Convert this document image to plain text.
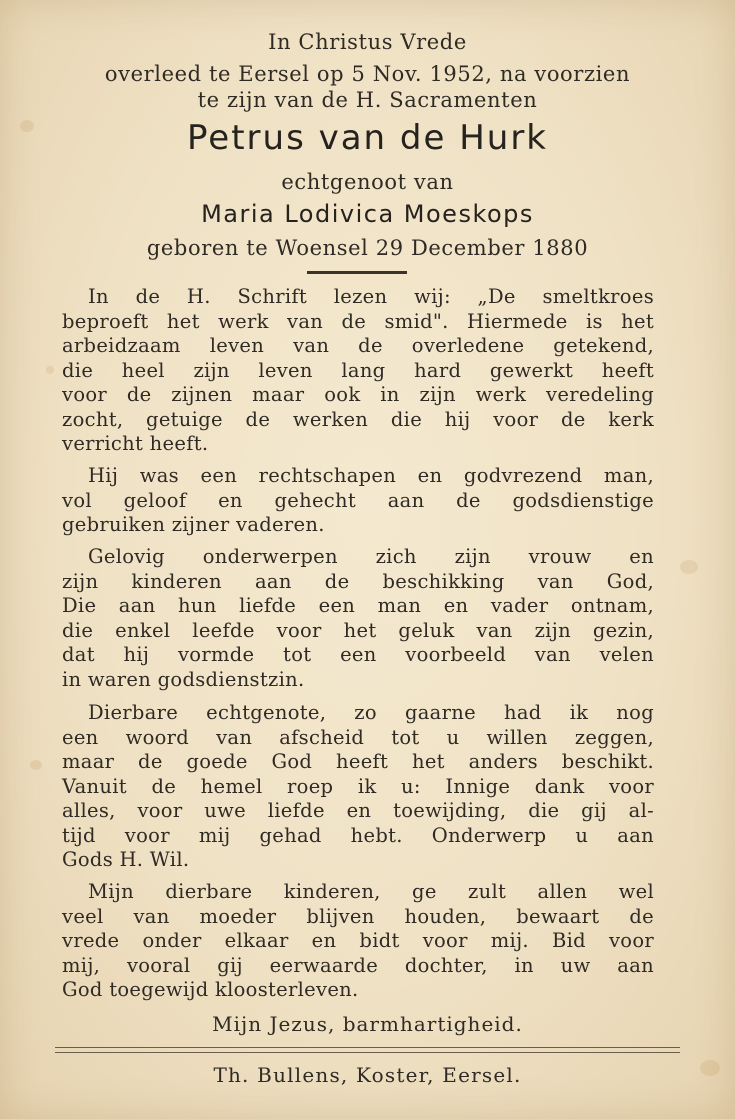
In Christus Vrede
overleed te Eersel op 5 Nov. 1952, na voorzien
te zijn van de H. Sacramenten
Petrus van de Hurk
echtgenoot van
Maria Lodivica Moeskops
geboren te Woensel 29 December 1880
In de H. Schrift lezen wij: „De smeltkroes
beproeft het werk van de smid". Hiermede is het
arbeidzaam leven van de overledene getekend,
die heel zijn leven lang hard gewerkt heeft
voor de zijnen maar ook in zijn werk veredeling
zocht, getuige de werken die hij voor de kerk
verricht heeft.
Hij was een rechtschapen en godvrezend man,
vol geloof en gehecht aan de godsdienstige
gebruiken zijner vaderen.
Gelovig onderwerpen zich zijn vrouw en
zijn kinderen aan de beschikking van God,
Die aan hun liefde een man en vader ontnam,
die enkel leefde voor het geluk van zijn gezin,
dat hij vormde tot een voorbeeld van velen
in waren godsdienstzin.
Dierbare echtgenote, zo gaarne had ik nog
een woord van afscheid tot u willen zeggen,
maar de goede God heeft het anders beschikt.
Vanuit de hemel roep ik u: Innige dank voor
alles, voor uwe liefde en toewijding, die gij al-
tijd voor mij gehad hebt. Onderwerp u aan
Gods H. Wil.
Mijn dierbare kinderen, ge zult allen wel
veel van moeder blijven houden, bewaart de
vrede onder elkaar en bidt voor mij. Bid voor
mij, vooral gij eerwaarde dochter, in uw aan
God toegewijd kloosterleven.
Mijn Jezus, barmhartigheid.
Th. Bullens, Koster, Eersel.
